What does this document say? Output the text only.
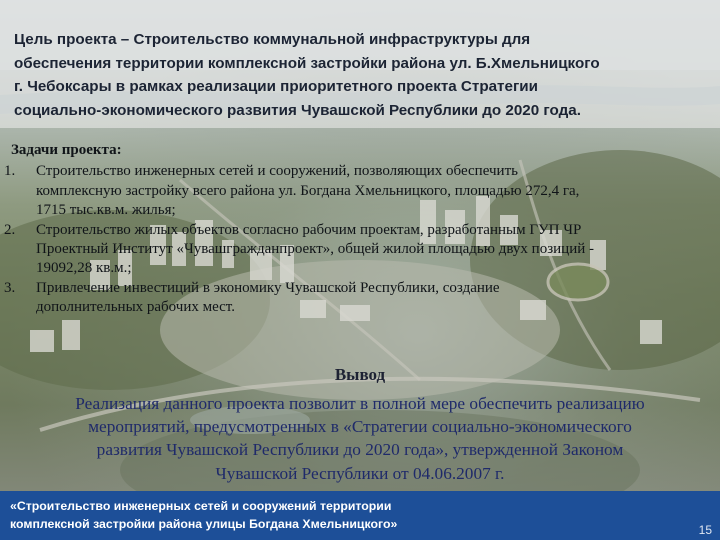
Цель проекта – Строительство коммунальной инфраструктуры для
обеспечения территории комплексной застройки района ул. Б.Хмельницкого
г. Чебоксары в рамках реализации приоритетного проекта Стратегии
социально-экономического развития Чувашской Республики до 2020 года.
Задачи проекта:
1. Строительство инженерных сетей и сооружений, позволяющих обеспечить
комплексную застройку всего района ул. Богдана Хмельницкого, площадью 272,4 га,
1715 тыс.кв.м. жилья;
2. Строительство жилых объектов согласно рабочим проектам, разработанным ГУП ЧР
Проектный Институт «Чувашгражданпроект», общей жилой площадью двух позиций -
19092,28 кв.м.;
3. Привлечение инвестиций в экономику Чувашской Республики, создание
дополнительных рабочих мест.
Вывод
Реализация данного проекта позволит в полной мере обеспечить реализацию
мероприятий, предусмотренных в «Стратегии социально-экономического
развития Чувашской Республики до 2020 года», утвержденной Законом
Чувашской Республики от 04.06.2007 г.
«Строительство инженерных сетей и сооружений территории
комплексной застройки района улицы Богдана Хмельницкого»	15
